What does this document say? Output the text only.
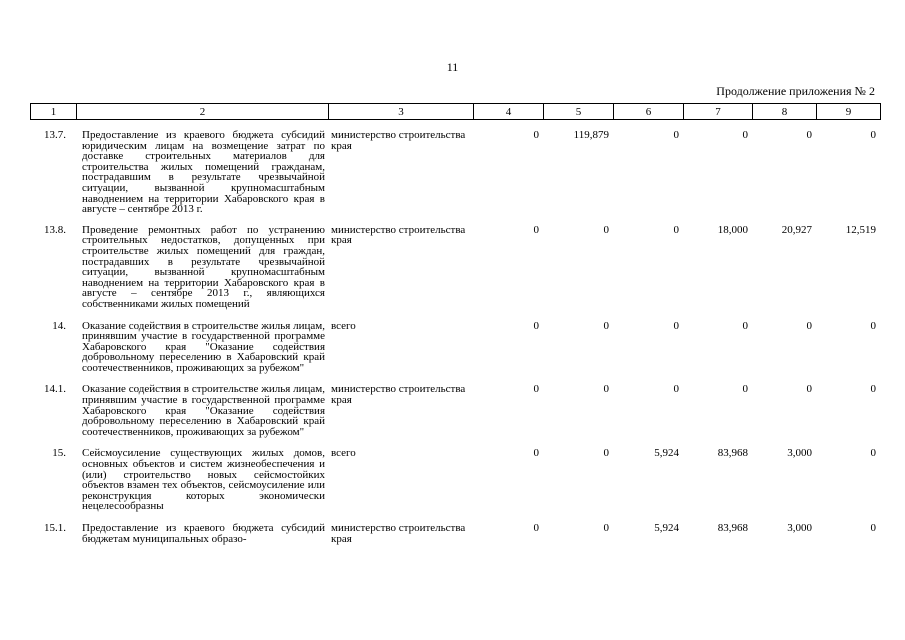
11
Продолжение приложения № 2
1	2	3	4	5	6	7	8	9
13.7.	Предоставление из краевого бюджета субсидий юридическим лицам на возмещение затрат по доставке строительных материалов для строительства жилых помещений гражданам, пострадавшим в результате чрезвычайной ситуации, вызванной крупномасштабным наводнением на территории Хабаровского края в августе – сентябре 2013 г.	министерство строительства края	0	119,879	0	0	0	0
13.8.	Проведение ремонтных работ по устранению строительных недостатков, допущенных при строительстве жилых помещений для граждан, пострадавших в результате чрезвычайной ситуации, вызванной крупномасштабным наводнением на территории Хабаровского края в августе – сентябре 2013 г., являющихся собственниками жилых помещений	министерство строительства края	0	0	0	18,000	20,927	12,519
14.	Оказание содействия в строительстве жилья лицам, принявшим участие в государственной программе Хабаровского края "Оказание содействия добровольному переселению в Хабаровский край соотечественников, проживающих за рубежом"	всего	0	0	0	0	0	0
14.1.	Оказание содействия в строительстве жилья лицам, принявшим участие в государственной программе Хабаровского края "Оказание содействия добровольному переселению в Хабаровский край соотечественников, проживающих за рубежом"	министерство строительства края	0	0	0	0	0	0
15.	Сейсмоусиление существующих жилых домов, основных объектов и систем жизнеобеспечения и (или) строительство новых сейсмостойких объектов взамен тех объектов, сейсмоусиление или реконструкция которых экономически нецелесообразны	всего	0	0	5,924	83,968	3,000	0
15.1.	Предоставление из краевого бюджета субсидий бюджетам муниципальных образо-	министерство строительства края	0	0	5,924	83,968	3,000	0
